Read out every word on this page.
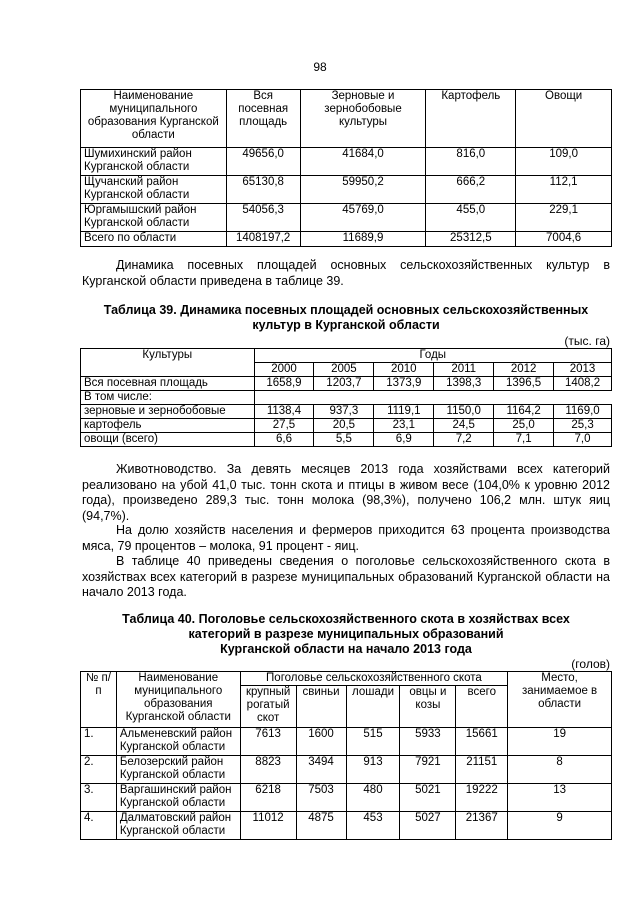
98
Наименование муниципального образования Курганской области	Вся посевная площадь	Зерновые и зернобобовые культуры	Картофель	Овощи
Шумихинский район Курганской области	49656,0	41684,0	816,0	109,0
Щучанский район Курганской области	65130,8	59950,2	666,2	112,1
Юргамышский район Курганской области	54056,3	45769,0	455,0	229,1
Всего по области	1408197,2	11689,9	25312,5	7004,6

Динамика посевных площадей основных сельскохозяйственных культур в Курганской области приведена в таблице 39.

Таблица 39. Динамика посевных площадей основных сельскохозяйственных

культур в Курганской области

(тыс. га)
Культуры	Годы					
	2000	2005	2010	2011	2012	2013
Вся посевная площадь	1658,9	1203,7	1373,9	1398,3	1396,5	1408,2
В том числе:						
зерновые и зернобобовые	1138,4	937,3	1119,1	1150,0	1164,2	1169,0
картофель	27,5	20,5	23,1	24,5	25,0	25,3
овощи (всего)	6,6	5,5	6,9	7,2	7,1	7,0

Животноводство. За девять месяцев 2013 года хозяйствами всех категорий реализовано на убой 41,0 тыс. тонн скота и птицы в живом весе (104,0% к уровню 2012 года), произведено 289,3 тыс. тонн молока (98,3%), получено 106,2 млн. штук яиц (94,7%).

На долю хозяйств населения и фермеров приходится 63 процента производства мяса, 79 процентов – молока, 91 процент - яиц.

В таблице 40 приведены сведения о поголовье сельскохозяйственного скота в хозяйствах всех категорий в разрезе муниципальных образований Курганской области на начало 2013 года.

Таблица 40. Поголовье сельскохозяйственного скота в хозяйствах всех

категорий в разрезе муниципальных образований

Курганской области на начало 2013 года

(голов)
№ п/п	Наименование муниципального образования Курганской области	Поголовье сельскохозяйственного скота					Место, занимаемое в области
		крупный рогатый скот	свиньи	лошади	овцы и козы	всего	
1.	Альменевский район Курганской области	7613	1600	515	5933	15661	19
2.	Белозерский район Курганской области	8823	3494	913	7921	21151	8
3.	Варгашинский район Курганской области	6218	7503	480	5021	19222	13
4.	Далматовский район Курганской области	11012	4875	453	5027	21367	9
